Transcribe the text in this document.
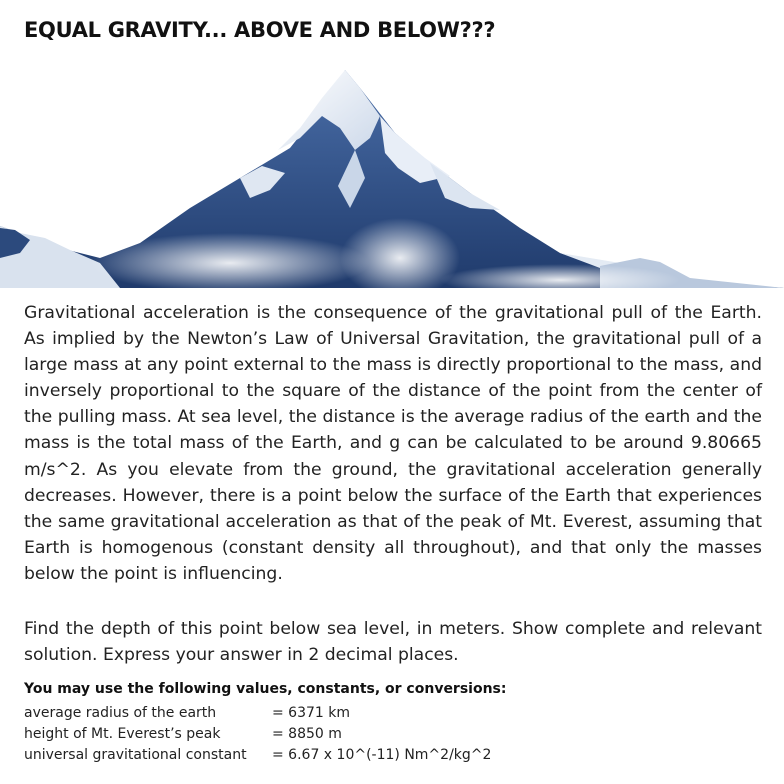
EQUAL GRAVITY... ABOVE AND BELOW???

Gravitational acceleration is the consequence of the gravitational pull of the Earth. As implied by the Newton’s Law of Universal Gravitation, the gravitational pull of a large mass at any point external to the mass is directly proportional to the mass, and inversely proportional to the square of the distance of the point from the center of the pulling mass. At sea level, the distance is the average radius of the earth and the mass is the total mass of the Earth, and g can be calculated to be around 9.80665 m/s^2. As you elevate from the ground, the gravitational acceleration generally decreases. However, there is a point below the surface of the Earth that experiences the same gravitational acceleration as that of the peak of Mt. Everest, assuming that Earth is homogenous (constant density all throughout), and that only the masses below the point is influencing.

Find the depth of this point below sea level, in meters. Show complete and relevant solution. Express your answer in 2 decimal places.

You may use the following values, constants, or conversions:
average radius of the earth	= 6371 km
height of Mt. Everest’s peak	= 8850 m
universal gravitational constant	= 6.67 x 10^(-11) Nm^2/kg^2
